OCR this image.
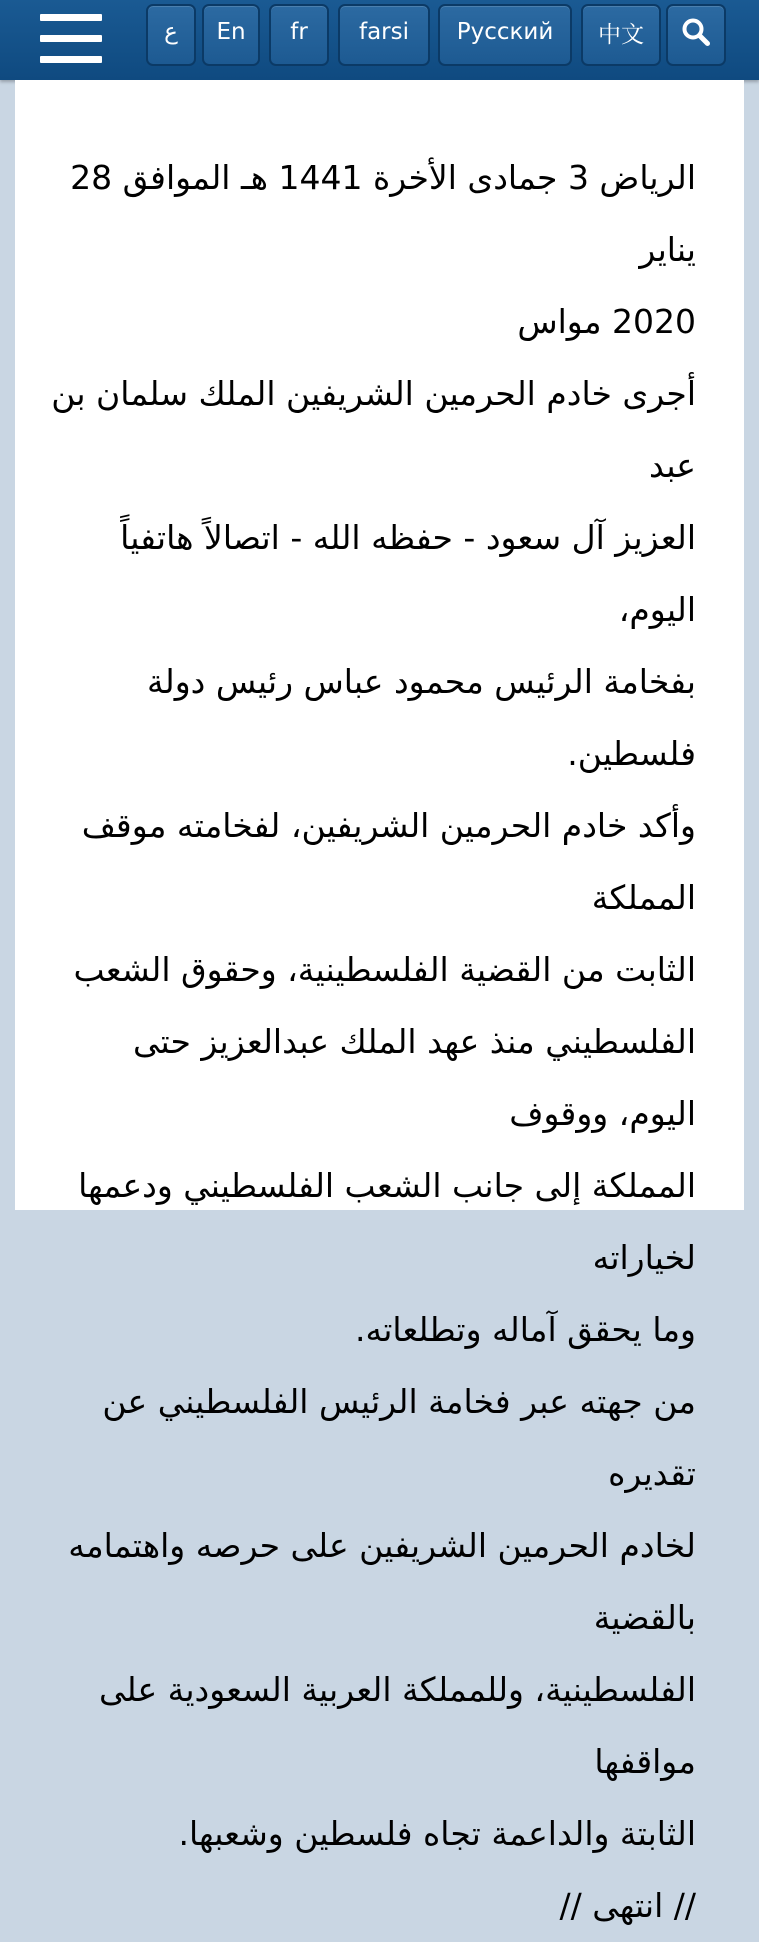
ع	En	fr	farsi	Русский	中文

الرياض 3 جمادى الأخرة 1441 هـ الموافق 28 يناير
2020 مواس

أجرى خادم الحرمين الشريفين الملك سلمان بن عبد
العزيز آل سعود - حفظه الله - اتصالاً هاتفياً اليوم،
بفخامة الرئيس محمود عباس رئيس دولة فلسطين.

وأكد خادم الحرمين الشريفين، لفخامته موقف المملكة
الثابت من القضية الفلسطينية، وحقوق الشعب
الفلسطيني منذ عهد الملك عبدالعزيز حتى اليوم، ووقوف
المملكة إلى جانب الشعب الفلسطيني ودعمها لخياراته
وما يحقق آماله وتطلعاته.

من جهته عبر فخامة الرئيس الفلسطيني عن تقديره
لخادم الحرمين الشريفين على حرصه واهتمامه بالقضية
الفلسطينية، وللمملكة العربية السعودية على مواقفها
الثابتة والداعمة تجاه فلسطين وشعبها.

// انتهى //
